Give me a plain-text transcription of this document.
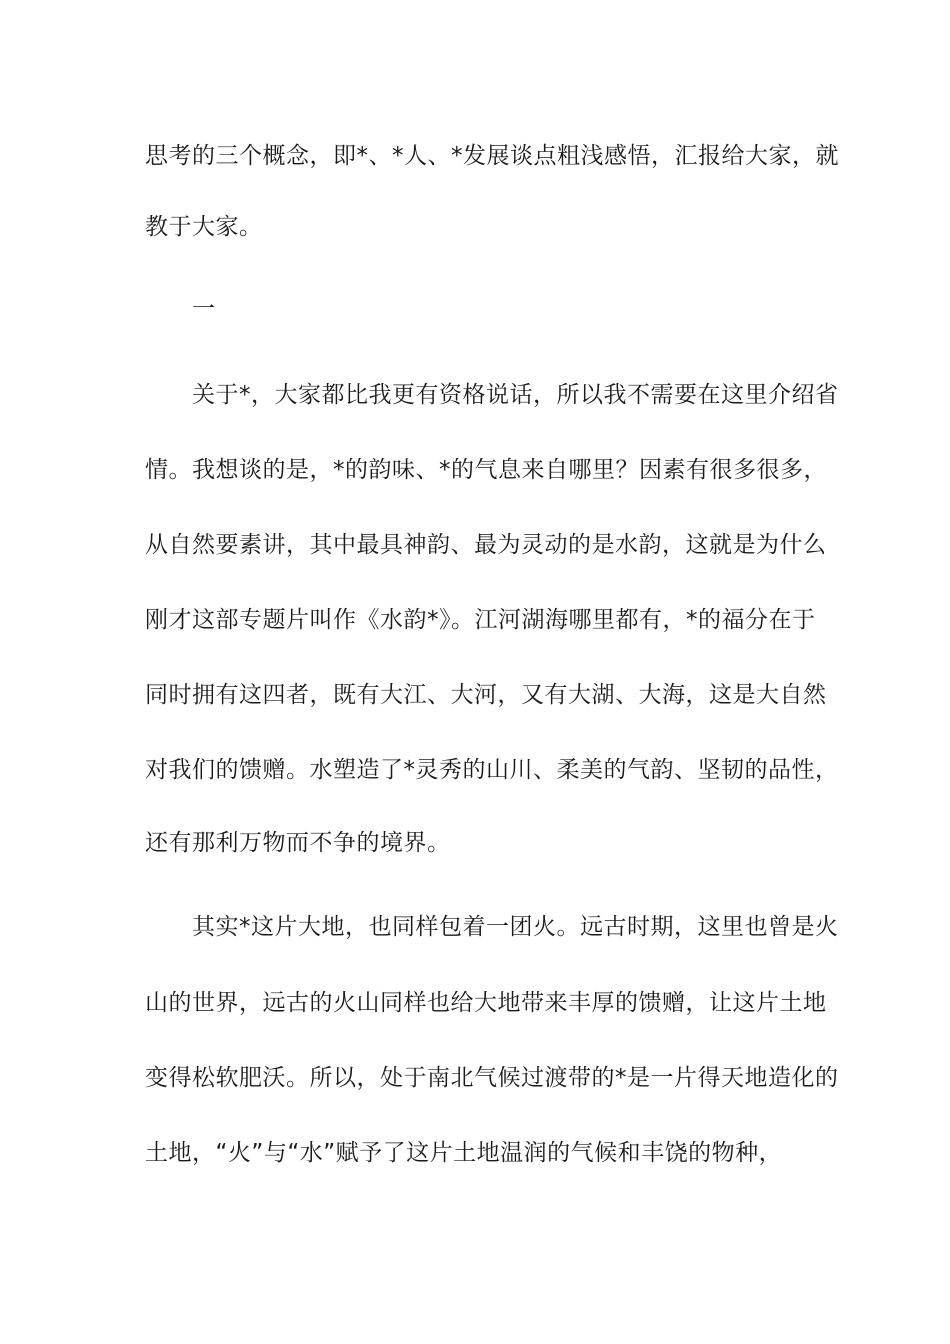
思考的三个概念，即*、*人、*发展谈点粗浅感悟，汇报给大家，就
教于大家。
一
关于*，大家都比我更有资格说话，所以我不需要在这里介绍省
情。我想谈的是，*的韵味、*的气息来自哪里？因素有很多很多，
从自然要素讲，其中最具神韵、最为灵动的是水韵，这就是为什么
刚才这部专题片叫作《水韵*》。江河湖海哪里都有，*的福分在于
同时拥有这四者，既有大江、大河，又有大湖、大海，这是大自然
对我们的馈赠。水塑造了*灵秀的山川、柔美的气韵、坚韧的品性，
还有那利万物而不争的境界。
其实*这片大地，也同样包着一团火。远古时期，这里也曾是火
山的世界，远古的火山同样也给大地带来丰厚的馈赠，让这片土地
变得松软肥沃。所以，处于南北气候过渡带的*是一片得天地造化的
土地，“火”与“水”赋予了这片土地温润的气候和丰饶的物种，
